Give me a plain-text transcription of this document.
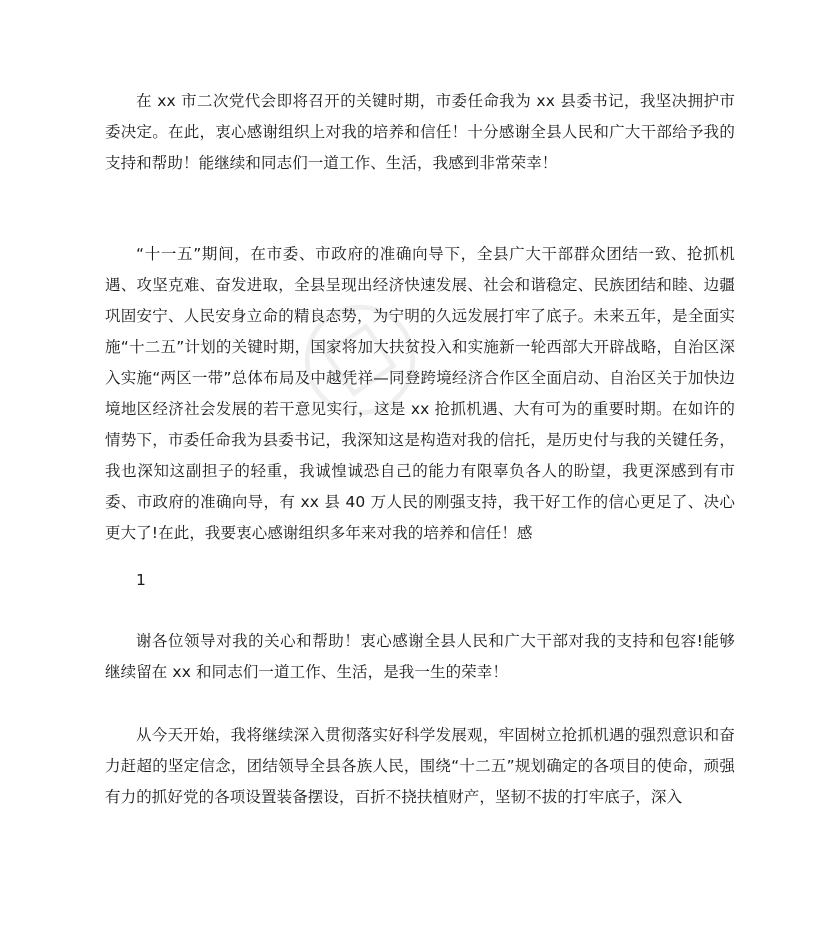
在 xx 市二次党代会即将召开的关键时期，市委任命我为 xx 县委书记，我坚决拥护市委决定。在此，衷心感谢组织上对我的培养和信任！十分感谢全县人民和广大干部给予我的支持和帮助！能继续和同志们一道工作、生活，我感到非常荣幸！

“十一五”期间，在市委、市政府的准确向导下，全县广大干部群众团结一致、抢抓机遇、攻坚克难、奋发进取，全县呈现出经济快速发展、社会和谐稳定、民族团结和睦、边疆巩固安宁、人民安身立命的精良态势，为宁明的久远发展打牢了底子。未来五年，是全面实施“十二五”计划的关键时期，国家将加大扶贫投入和实施新一轮西部大开辟战略，自治区深入实施“两区一带”总体布局及中越凭祥—同登跨境经济合作区全面启动、自治区关于加快边境地区经济社会发展的若干意见实行，这是 xx 抢抓机遇、大有可为的重要时期。在如许的情势下，市委任命我为县委书记，我深知这是构造对我的信托，是历史付与我的关键任务，我也深知这副担子的轻重，我诚惶诚恐自己的能力有限辜负各人的盼望，我更深感到有市委、市政府的准确向导，有 xx 县 40 万人民的刚强支持，我干好工作的信心更足了、决心更大了!在此，我要衷心感谢组织多年来对我的培养和信任！感

1

谢各位领导对我的关心和帮助！衷心感谢全县人民和广大干部对我的支持和包容!能够继续留在 xx 和同志们一道工作、生活，是我一生的荣幸！

从今天开始，我将继续深入贯彻落实好科学发展观，牢固树立抢抓机遇的强烈意识和奋力赶超的坚定信念，团结领导全县各族人民，围绕“十二五”规划确定的各项目的使命，顽强有力的抓好党的各项设置装备摆设，百折不挠扶植财产，坚韧不拔的打牢底子，深入
